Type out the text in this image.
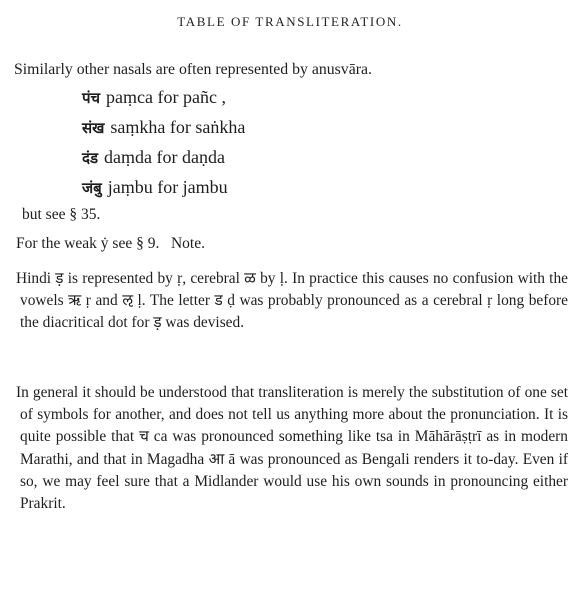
TABLE OF TRANSLITERATION.
Similarly other nasals are often represented by anusvāra.
पंच paṃca for pañc ,
संख saṃkha for saṅkha
दंड daṃda for daṇda
जंबु jaṃbu for jambu
but see § 35.
For the weak ẏ see § 9.   Note.
Hindi ड़ is represented by ṛ, cerebral ळ by ḷ. In practice this causes no confusion with the vowels ऋ ṛ and ऌ ḷ. The letter ड ḍ was probably pronounced as a cerebral ṛ long before the diacritical dot for ड़ was devised.
In general it should be understood that transliteration is merely the substitution of one set of symbols for another, and does not tell us anything more about the pronunciation. It is quite possible that च ca was pronounced something like tsa in Māhārāṣṭrī as in modern Marathi, and that in Magadha आ ā was pronounced as Bengali renders it to-day. Even if so, we may feel sure that a Midlander would use his own sounds in pronouncing either Prakrit.
